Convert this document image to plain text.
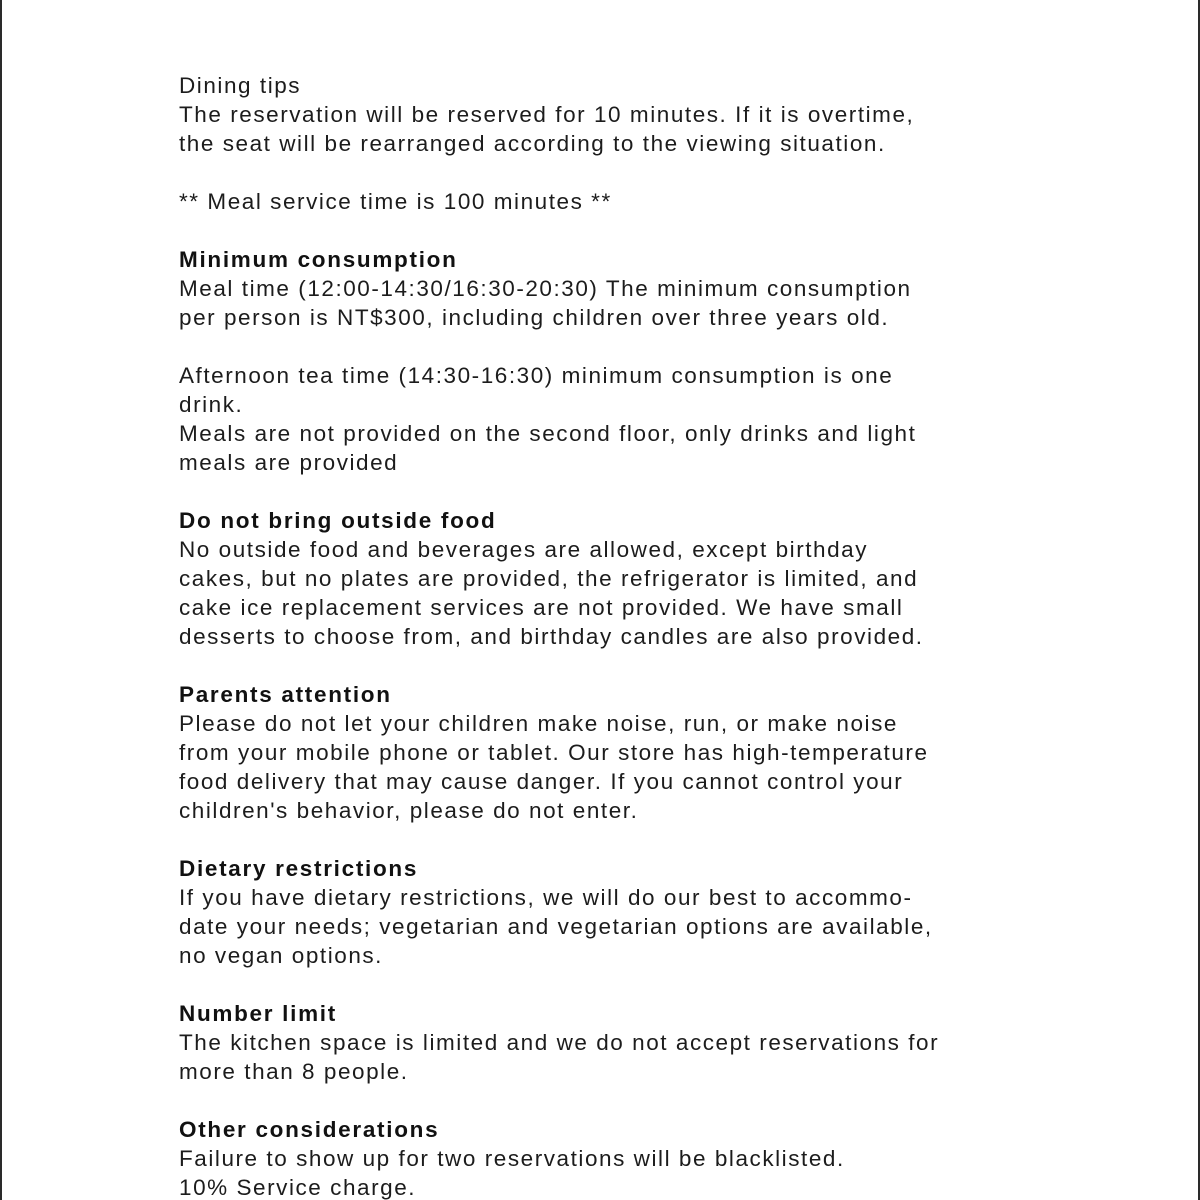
Dining tips
The reservation will be reserved for 10 minutes. If it is overtime,
the seat will be rearranged according to the viewing situation.
** Meal service time is 100 minutes **
Minimum consumption
Meal time (12:00-14:30/16:30-20:30) The minimum consumption
per person is NT$300, including children over three years old.
Afternoon tea time (14:30-16:30) minimum consumption is one
drink.
Meals are not provided on the second floor, only drinks and light
meals are provided
Do not bring outside food
No outside food and beverages are allowed, except birthday
cakes, but no plates are provided, the refrigerator is limited, and
cake ice replacement services are not provided. We have small
desserts to choose from, and birthday candles are also provided.
Parents attention
Please do not let your children make noise, run, or make noise
from your mobile phone or tablet. Our store has high-temperature
food delivery that may cause danger. If you cannot control your
children's behavior, please do not enter.
Dietary restrictions
If you have dietary restrictions, we will do our best to accommo-
date your needs; vegetarian and vegetarian options are available,
no vegan options.
Number limit
The kitchen space is limited and we do not accept reservations for
more than 8 people.
Other considerations
Failure to show up for two reservations will be blacklisted.
10% Service charge.
